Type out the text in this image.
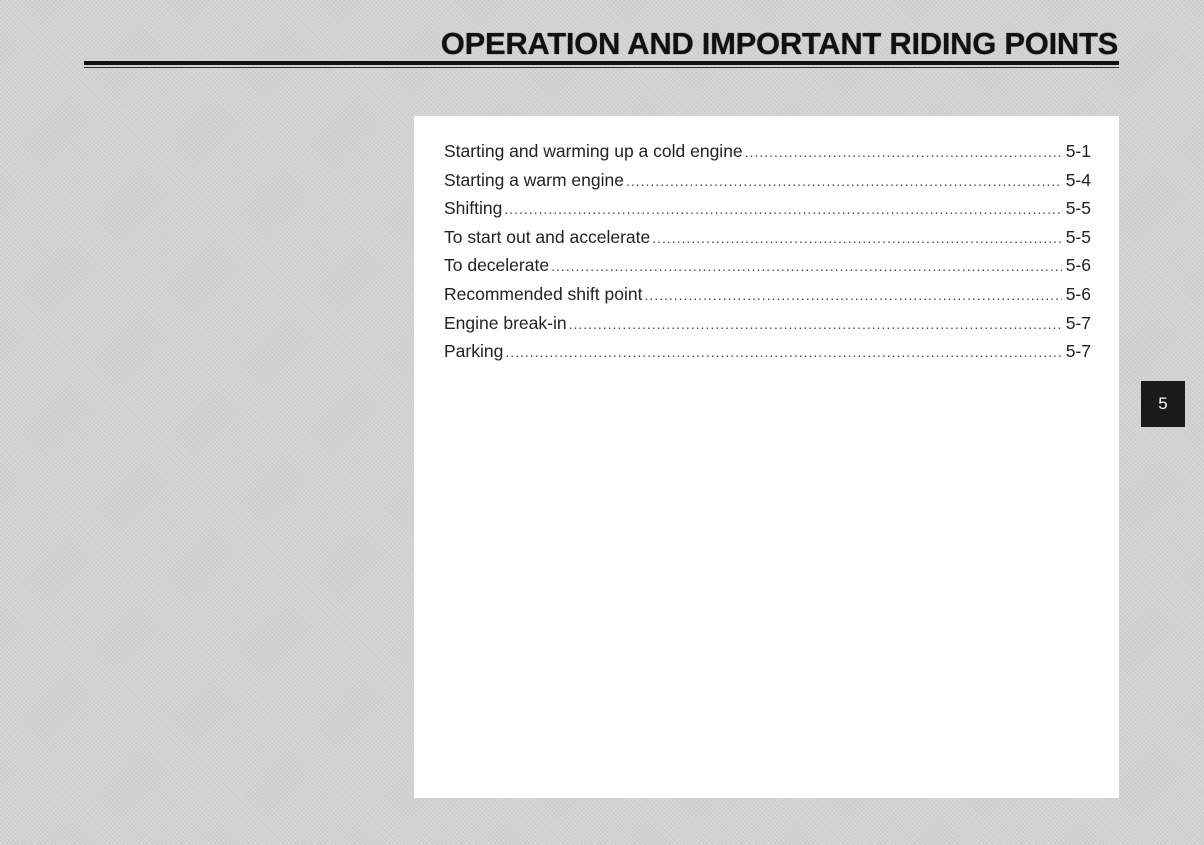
OPERATION AND IMPORTANT RIDING POINTS
Starting and warming up a cold engine .....	5-1
Starting a warm engine .....	5-4
Shifting .....	5-5
To start out and accelerate .....	5-5
To decelerate .....	5-6
Recommended shift point .....	5-6
Engine break-in .....	5-7
Parking .....	5-7
5
